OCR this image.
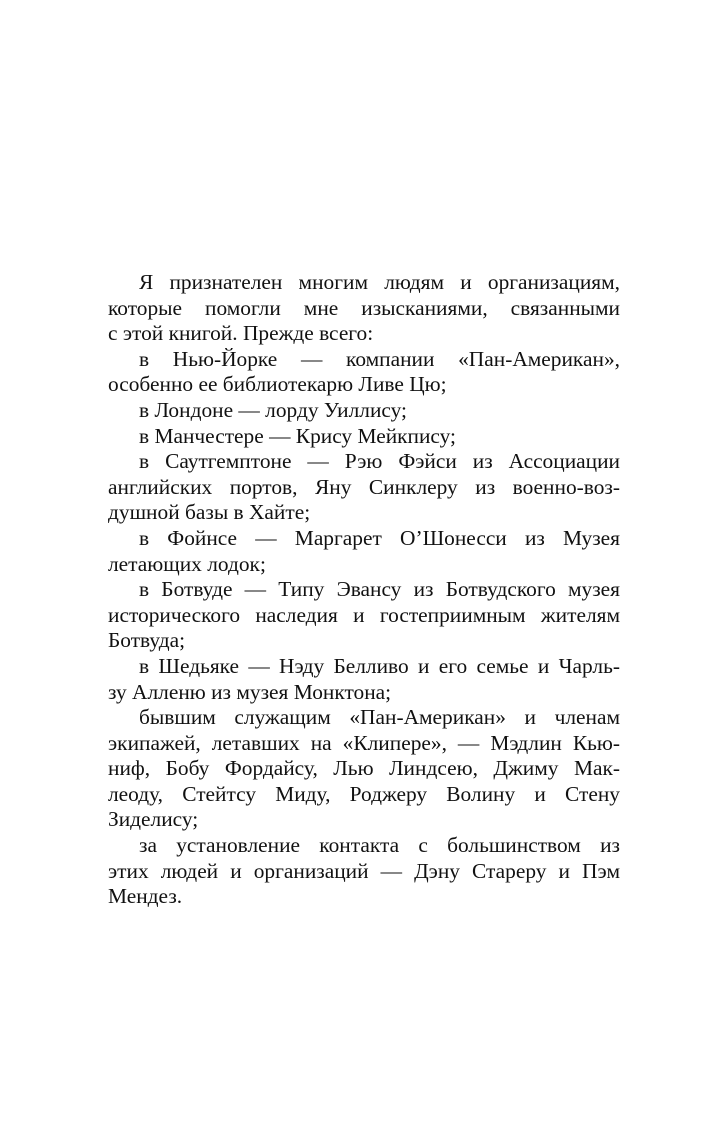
Я признателен многим людям и организациям,
которые помогли мне изысканиями, связанными
с этой книгой. Прежде всего:
в Нью-Йорке — компании «Пан-Американ»,
особенно ее библиотекарю Ливе Цю;
в Лондоне — лорду Уиллису;
в Манчестере — Крису Мейкпису;
в Саутгемптоне — Рэю Фэйси из Ассоциации
английских портов, Яну Синклеру из военно-воз-
душной базы в Хайте;
в Фойнсе — Маргарет О’Шонесси из Музея
летающих лодок;
в Ботвуде — Типу Эвансу из Ботвудского музея
исторического наследия и гостеприимным жителям
Ботвуда;
в Шедьяке — Нэду Белливо и его семье и Чарль-
зу Алленю из музея Монктона;
бывшим служащим «Пан-Американ» и членам
экипажей, летавших на «Клипере», — Мэдлин Кью-
ниф, Бобу Фордайсу, Лью Линдсею, Джиму Мак-
леоду, Стейтсу Миду, Роджеру Волину и Стену
Зиделису;
за установление контакта с большинством из
этих людей и организаций — Дэну Стареру и Пэм
Мендез.
